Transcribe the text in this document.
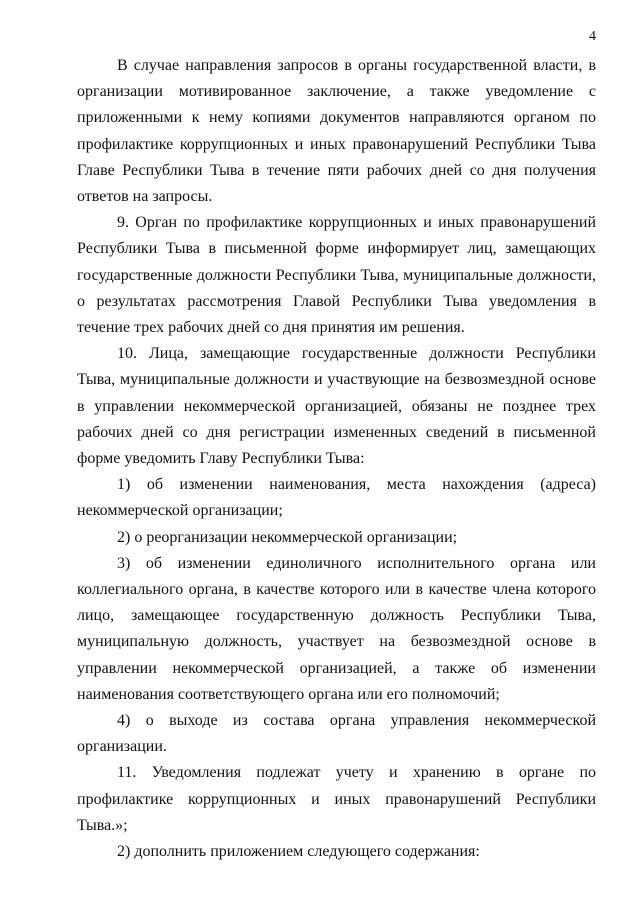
4

В случае направления запросов в органы государственной власти, в организации мотивированное заключение, а также уведомление с приложенными к нему копиями документов направляются органом по профилактике коррупционных и иных правонарушений Республики Тыва Главе Республики Тыва в течение пяти рабочих дней со дня получения ответов на запросы.

9. Орган по профилактике коррупционных и иных правонарушений Республики Тыва в письменной форме информирует лиц, замещающих государственные должности Республики Тыва, муниципальные должности, о результатах рассмотрения Главой Республики Тыва уведомления в течение трех рабочих дней со дня принятия им решения.

10. Лица, замещающие государственные должности Республики Тыва, муниципальные должности и участвующие на безвозмездной основе в управлении некоммерческой организацией, обязаны не позднее трех рабочих дней со дня регистрации измененных сведений в письменной форме уведомить Главу Республики Тыва:

1) об изменении наименования, места нахождения (адреса) некоммерческой организации;

2) о реорганизации некоммерческой организации;

3) об изменении единоличного исполнительного органа или коллегиального органа, в качестве которого или в качестве члена которого лицо, замещающее государственную должность Республики Тыва, муниципальную должность, участвует на безвозмездной основе в управлении некоммерческой организацией, а также об изменении наименования соответствующего органа или его полномочий;

4) о выходе из состава органа управления некоммерческой организации.

11. Уведомления подлежат учету и хранению в органе по профилактике коррупционных и иных правонарушений Республики Тыва.»;

2) дополнить приложением следующего содержания:
